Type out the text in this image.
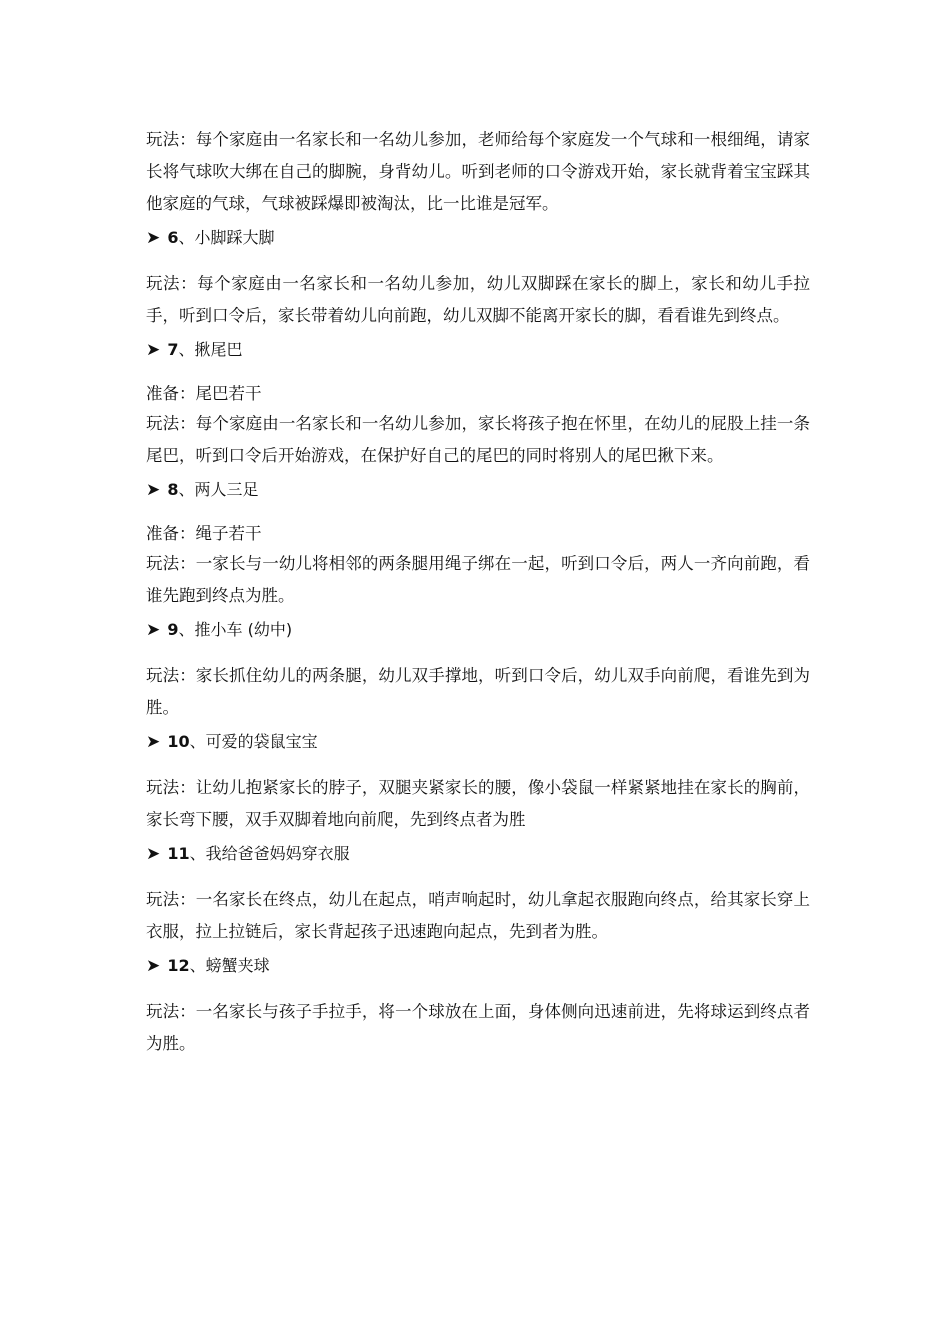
玩法：每个家庭由一名家长和一名幼儿参加，老师给每个家庭发一个气球和一根细绳，请家长将气球吹大绑在自己的脚腕，身背幼儿。听到老师的口令游戏开始，家长就背着宝宝踩其他家庭的气球，气球被踩爆即被淘汰，比一比谁是冠军。

➤ 6、小脚踩大脚

玩法：每个家庭由一名家长和一名幼儿参加，幼儿双脚踩在家长的脚上，家长和幼儿手拉手，听到口令后，家长带着幼儿向前跑，幼儿双脚不能离开家长的脚，看看谁先到终点。

➤ 7、揪尾巴

准备：尾巴若干

玩法：每个家庭由一名家长和一名幼儿参加，家长将孩子抱在怀里，在幼儿的屁股上挂一条尾巴，听到口令后开始游戏，在保护好自己的尾巴的同时将别人的尾巴揪下来。

➤ 8、两人三足

准备：绳子若干

玩法：一家长与一幼儿将相邻的两条腿用绳子绑在一起，听到口令后，两人一齐向前跑，看谁先跑到终点为胜。

➤ 9、推小车 (幼中)

玩法：家长抓住幼儿的两条腿，幼儿双手撑地，听到口令后，幼儿双手向前爬，看谁先到为胜。

➤ 10、可爱的袋鼠宝宝

玩法：让幼儿抱紧家长的脖子，双腿夹紧家长的腰，像小袋鼠一样紧紧地挂在家长的胸前，家长弯下腰，双手双脚着地向前爬，先到终点者为胜

➤ 11、我给爸爸妈妈穿衣服

玩法：一名家长在终点，幼儿在起点，哨声响起时，幼儿拿起衣服跑向终点，给其家长穿上衣服，拉上拉链后，家长背起孩子迅速跑向起点，先到者为胜。

➤ 12、螃蟹夹球

玩法：一名家长与孩子手拉手，将一个球放在上面，身体侧向迅速前进，先将球运到终点者为胜。
